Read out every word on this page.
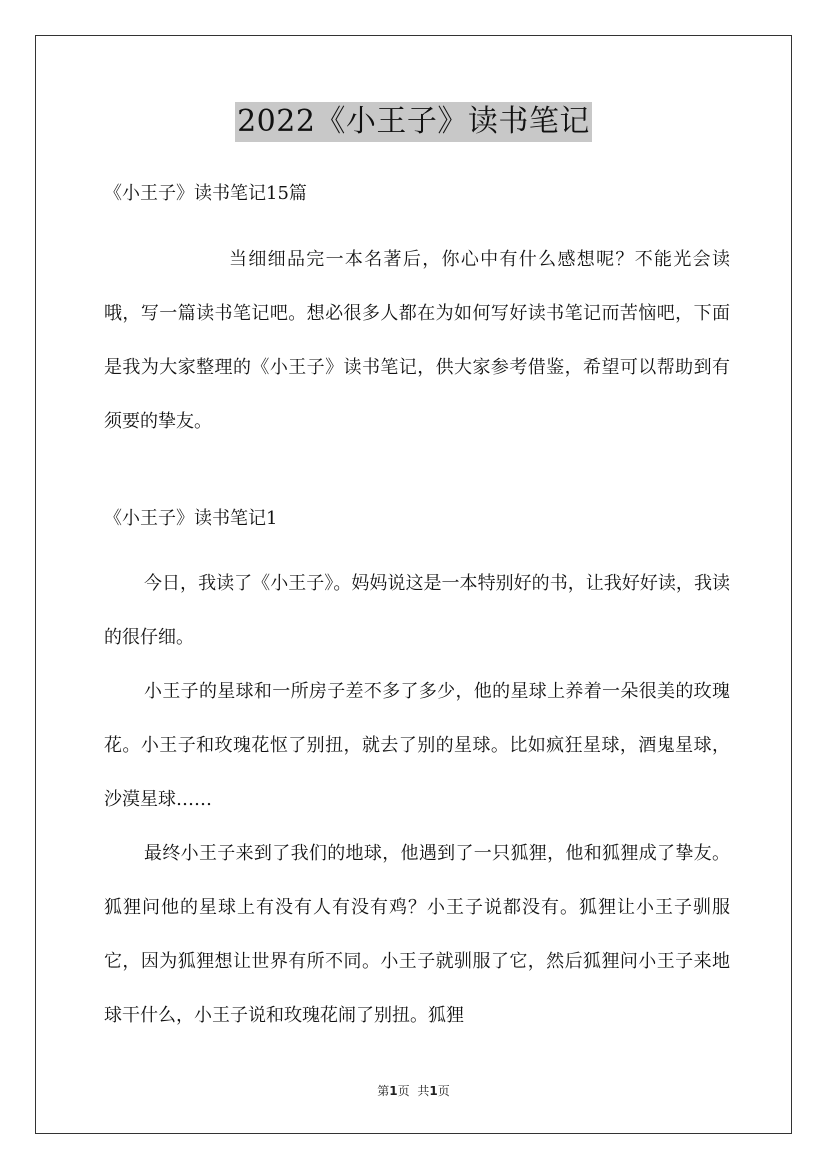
2022《小王子》读书笔记
《小王子》读书笔记15篇

当细细品完一本名著后，你心中有什么感想呢？不能光会读哦，写一篇读书笔记吧。想必很多人都在为如何写好读书笔记而苦恼吧，下面是我为大家整理的《小王子》读书笔记，供大家参考借鉴，希望可以帮助到有须要的挚友。

《小王子》读书笔记1

今日，我读了《小王子》。妈妈说这是一本特别好的书，让我好好读，我读的很仔细。

小王子的星球和一所房子差不多了多少，他的星球上养着一朵很美的玫瑰花。小王子和玫瑰花怄了别扭，就去了别的星球。比如疯狂星球，酒鬼星球，沙漠星球……

最终小王子来到了我们的地球，他遇到了一只狐狸，他和狐狸成了挚友。狐狸问他的星球上有没有人有没有鸡？小王子说都没有。狐狸让小王子驯服它，因为狐狸想让世界有所不同。小王子就驯服了它，然后狐狸问小王子来地球干什么，小王子说和玫瑰花闹了别扭。狐狸

第1页 共1页
